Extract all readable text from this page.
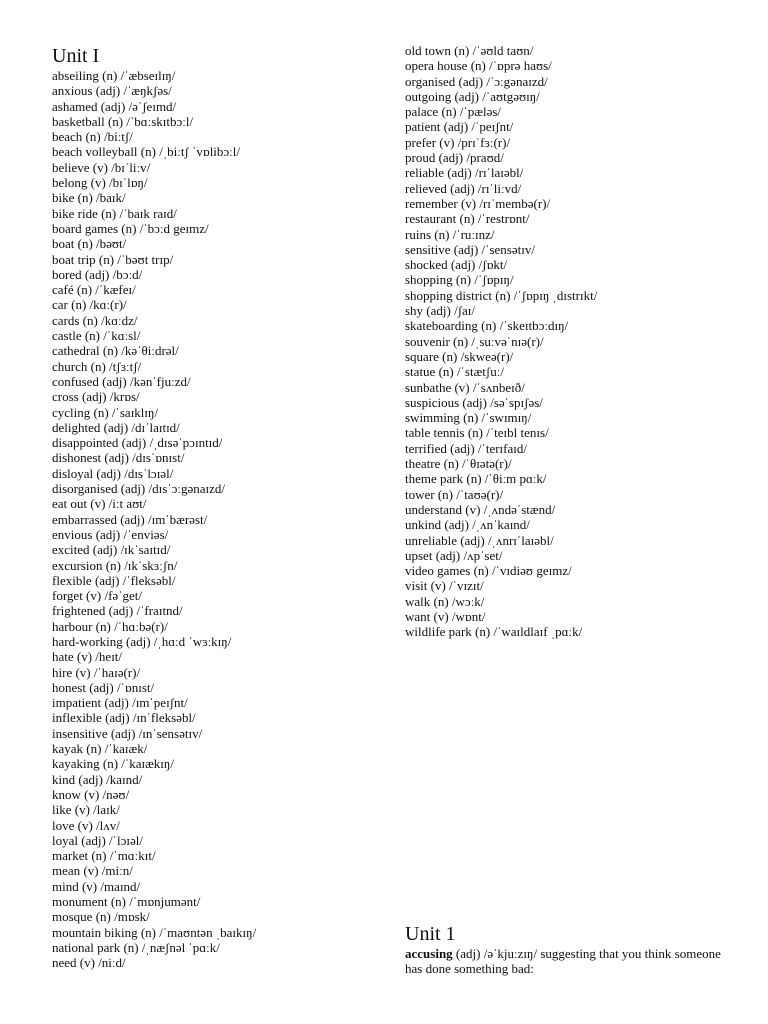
Unit I
abseiling (n) /ˈæbseɪlɪŋ/
anxious (adj) /ˈæŋkʃəs/
ashamed (adj) /əˈʃeɪmd/
basketball (n) /ˈbɑːskɪtbɔːl/
beach (n) /biːtʃ/
beach volleyball (n) /ˌbiːtʃ ˈvɒlibɔːl/
believe (v) /bɪˈliːv/
belong (v) /bɪˈlɒŋ/
bike (n) /baɪk/
bike ride (n) /ˈbaɪk raɪd/
board games (n) /ˈbɔːd geɪmz/
boat (n) /bəʊt/
boat trip (n) /ˈbəʊt trɪp/
bored (adj) /bɔːd/
café (n) /ˈkæfeɪ/
car (n) /kɑː(r)/
cards (n) /kɑːdz/
castle (n) /ˈkɑːsl/
cathedral (n) /kəˈθiːdrəl/
church (n) /tʃɜːtʃ/
confused (adj) /kənˈfjuːzd/
cross (adj) /krɒs/
cycling (n) /ˈsaɪklɪŋ/
delighted (adj) /dɪˈlaɪtɪd/
disappointed (adj) /ˌdɪsəˈpɔɪntɪd/
dishonest (adj) /dɪsˈɒnɪst/
disloyal (adj) /dɪsˈlɔɪəl/
disorganised (adj) /dɪsˈɔːgənaɪzd/
eat out (v) /iːt aʊt/
embarrassed (adj) /ɪmˈbærəst/
envious (adj) /ˈenviəs/
excited (adj) /ɪkˈsaɪtɪd/
excursion (n) /ɪkˈskɜːʃn/
flexible (adj) /ˈfleksəbl/
forget (v) /fəˈget/
frightened (adj) /ˈfraɪtnd/
harbour (n) /ˈhɑːbə(r)/
hard-working (adj) /ˌhɑːd ˈwɜːkɪŋ/
hate (v) /heɪt/
hire (v) /ˈhaɪə(r)/
honest (adj) /ˈɒnɪst/
impatient (adj) /ɪmˈpeɪʃnt/
inflexible (adj) /ɪnˈfleksəbl/
insensitive (adj) /ɪnˈsensətɪv/
kayak (n) /ˈkaɪæk/
kayaking (n) /ˈkaɪækɪŋ/
kind (adj) /kaɪnd/
know (v) /nəʊ/
like (v) /laɪk/
love (v) /lʌv/
loyal (adj) /ˈlɔɪəl/
market (n) /ˈmɑːkɪt/
mean (v) /miːn/
mind (v) /maɪnd/
monument (n) /ˈmɒnjumənt/
mosque (n) /mɒsk/
mountain biking (n) /ˈmaʊntən ˌbaɪkɪŋ/
national park (n) /ˌnæʃnəl ˈpɑːk/
need (v) /niːd/
old town (n) /ˈəʊld taʊn/
opera house (n) /ˈɒprə haʊs/
organised (adj) /ˈɔːgənaɪzd/
outgoing (adj) /ˈaʊtgəʊɪŋ/
palace (n) /ˈpæləs/
patient (adj) /ˈpeɪʃnt/
prefer (v) /prɪˈfɜː(r)/
proud (adj) /praʊd/
reliable (adj) /rɪˈlaɪəbl/
relieved (adj) /rɪˈliːvd/
remember (v) /rɪˈmembə(r)/
restaurant (n) /ˈrestrɒnt/
ruins (n) /ˈruːɪnz/
sensitive (adj) /ˈsensətɪv/
shocked (adj) /ʃɒkt/
shopping (n) /ˈʃɒpɪŋ/
shopping district (n) /ˈʃɒpɪŋ ˌdɪstrɪkt/
shy (adj) /ʃaɪ/
skateboarding (n) /ˈskeɪtbɔːdɪŋ/
souvenir (n) /ˌsuːvəˈnɪə(r)/
square (n) /skweə(r)/
statue (n) /ˈstætʃuː/
sunbathe (v) /ˈsʌnbeɪð/
suspicious (adj) /səˈspɪʃəs/
swimming (n) /ˈswɪmɪŋ/
table tennis (n) /ˈteɪbl tenɪs/
terrified (adj) /ˈterɪfaɪd/
theatre (n) /ˈθɪətə(r)/
theme park (n) /ˈθiːm pɑːk/
tower (n) /ˈtaʊə(r)/
understand (v) /ˌʌndəˈstænd/
unkind (adj) /ˌʌnˈkaɪnd/
unreliable (adj) /ˌʌnrɪˈlaɪəbl/
upset (adj) /ʌpˈset/
video games (n) /ˈvɪdiəʊ geɪmz/
visit (v) /ˈvɪzɪt/
walk (n) /wɔːk/
want (v) /wɒnt/
wildlife park (n) /ˈwaɪldlaɪf ˌpɑːk/
Unit 1
accusing (adj) /əˈkjuːzɪŋ/ suggesting that you think someone has done something bad:
